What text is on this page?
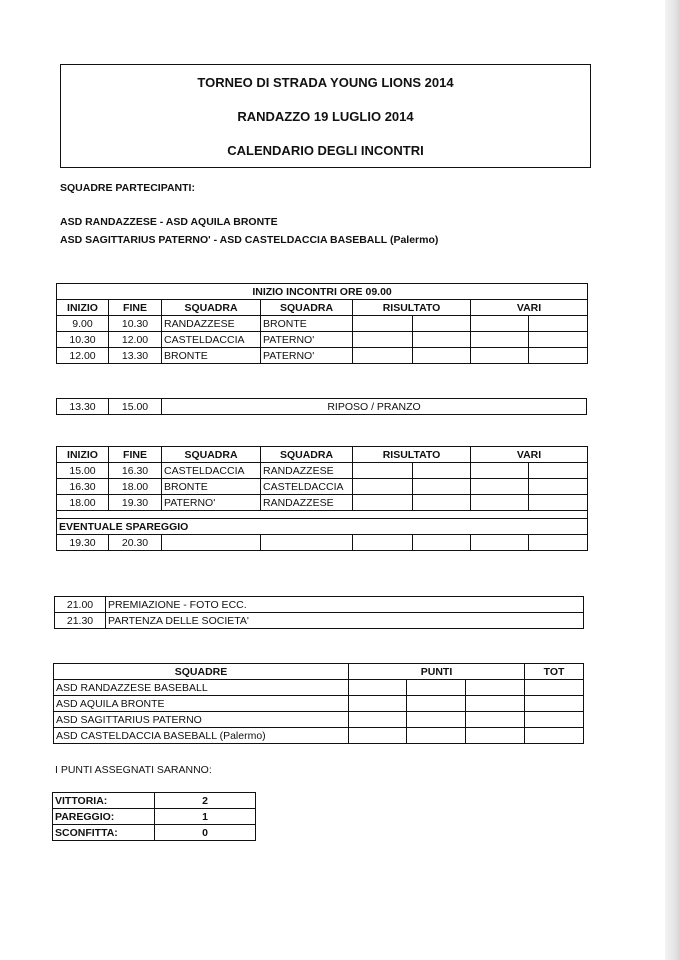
TORNEO DI STRADA YOUNG LIONS 2014
RANDAZZO 19 LUGLIO 2014
CALENDARIO DEGLI INCONTRI
SQUADRE PARTECIPANTI:
ASD RANDAZZESE - ASD AQUILA BRONTE
ASD SAGITTARIUS PATERNO' - ASD CASTELDACCIA BASEBALL (Palermo)
INIZIO INCONTRI ORE 09.00							
INIZIO	FINE	SQUADRA	SQUADRA	RISULTATO		VARI	
9.00	10.30	RANDAZZESE	BRONTE				
10.30	12.00	CASTELDACCIA	PATERNO'				
12.00	13.30	BRONTE	PATERNO'				
13.30	15.00	RIPOSO / PRANZO
INIZIO	FINE	SQUADRA	SQUADRA	RISULTATO		VARI	
15.00	16.30	CASTELDACCIA	RANDAZZESE				
16.30	18.00	BRONTE	CASTELDACCIA				
18.00	19.30	PATERNO'	RANDAZZESE				

EVENTUALE SPAREGGIO							
19.30	20.30						
21.00	PREMIAZIONE - FOTO ECC.
21.30	PARTENZA DELLE SOCIETA'
SQUADRE	PUNTI			TOT
ASD RANDAZZESE BASEBALL				
ASD AQUILA BRONTE				
ASD SAGITTARIUS PATERNO				
ASD CASTELDACCIA BASEBALL (Palermo)				
I PUNTI ASSEGNATI SARANNO:
VITTORIA:	2
PAREGGIO:	1
SCONFITTA:	0
